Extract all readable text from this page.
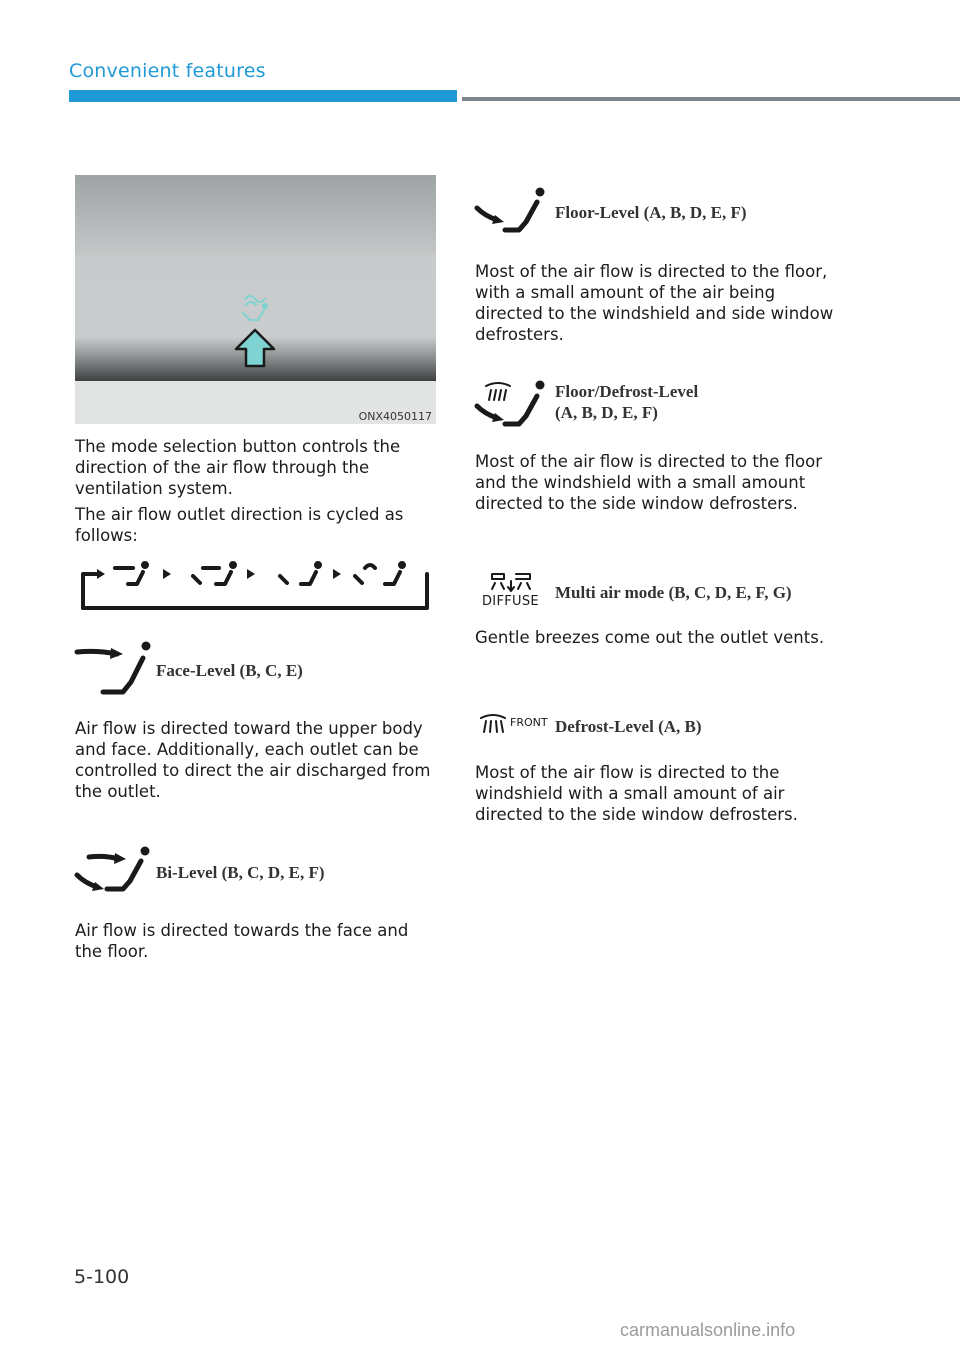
Convenient features
ONX4050117

The mode selection button controls the direction of the air flow through the ventilation system.

The air flow outlet direction is cycled as follows:

Face-Level (B, C, E)

Air flow is directed toward the upper body and face. Additionally, each outlet can be controlled to direct the air discharged from the outlet.

Bi-Level (B, C, D, E, F)

Air flow is directed towards the face and the floor.

Floor-Level (A, B, D, E, F)

Most of the air flow is directed to the floor, with a small amount of the air being directed to the windshield and side window defrosters.

Floor/Defrost-Level
(A, B, D, E, F)

Most of the air flow is directed to the floor and the windshield with a small amount directed to the side window defrosters.

DIFFUSE Multi air mode (B, C, D, E, F, G)

Gentle breezes come out the outlet vents.

FRONT Defrost-Level (A, B)

Most of the air flow is directed to the windshield with a small amount of air directed to the side window defrosters.

5-100
carmanualsonline.info
